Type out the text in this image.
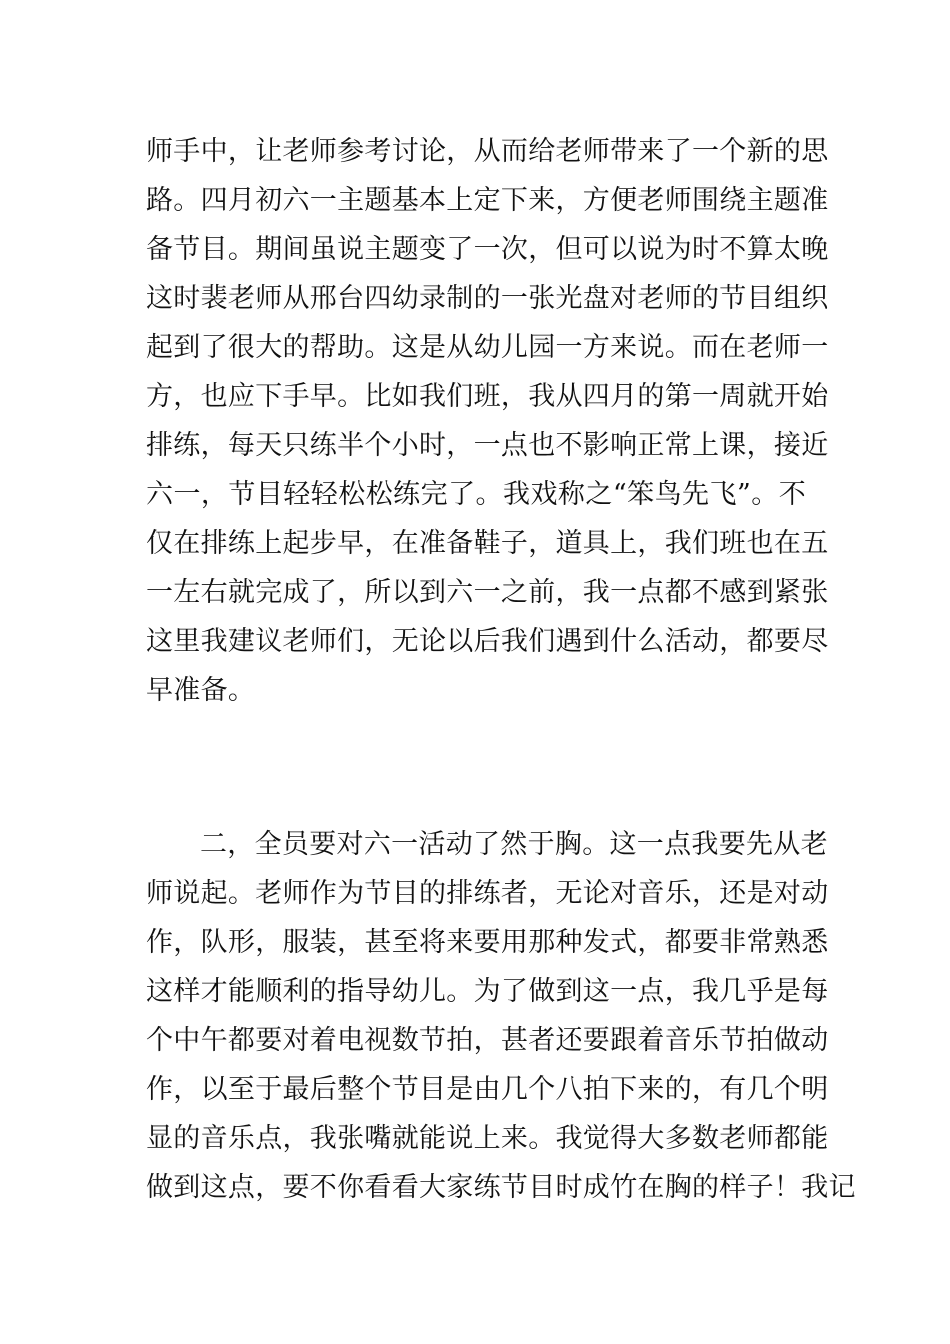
师手中，让老师参考讨论，从而给老师带来了一个新的思
路。四月初六一主题基本上定下来，方便老师围绕主题准
备节目。期间虽说主题变了一次，但可以说为时不算太晚
这时裴老师从邢台四幼录制的一张光盘对老师的节目组织
起到了很大的帮助。这是从幼儿园一方来说。而在老师一
方，也应下手早。比如我们班，我从四月的第一周就开始
排练，每天只练半个小时，一点也不影响正常上课，接近
六一，节目轻轻松松练完了。我戏称之“笨鸟先飞”。不
仅在排练上起步早，在准备鞋子，道具上，我们班也在五
一左右就完成了，所以到六一之前，我一点都不感到紧张
这里我建议老师们，无论以后我们遇到什么活动，都要尽
早准备。
二，全员要对六一活动了然于胸。这一点我要先从老
师说起。老师作为节目的排练者，无论对音乐，还是对动
作，队形，服装，甚至将来要用那种发式，都要非常熟悉
这样才能顺利的指导幼儿。为了做到这一点，我几乎是每
个中午都要对着电视数节拍，甚者还要跟着音乐节拍做动
作，以至于最后整个节目是由几个八拍下来的，有几个明
显的音乐点，我张嘴就能说上来。我觉得大多数老师都能
做到这点，要不你看看大家练节目时成竹在胸的样子！我记
